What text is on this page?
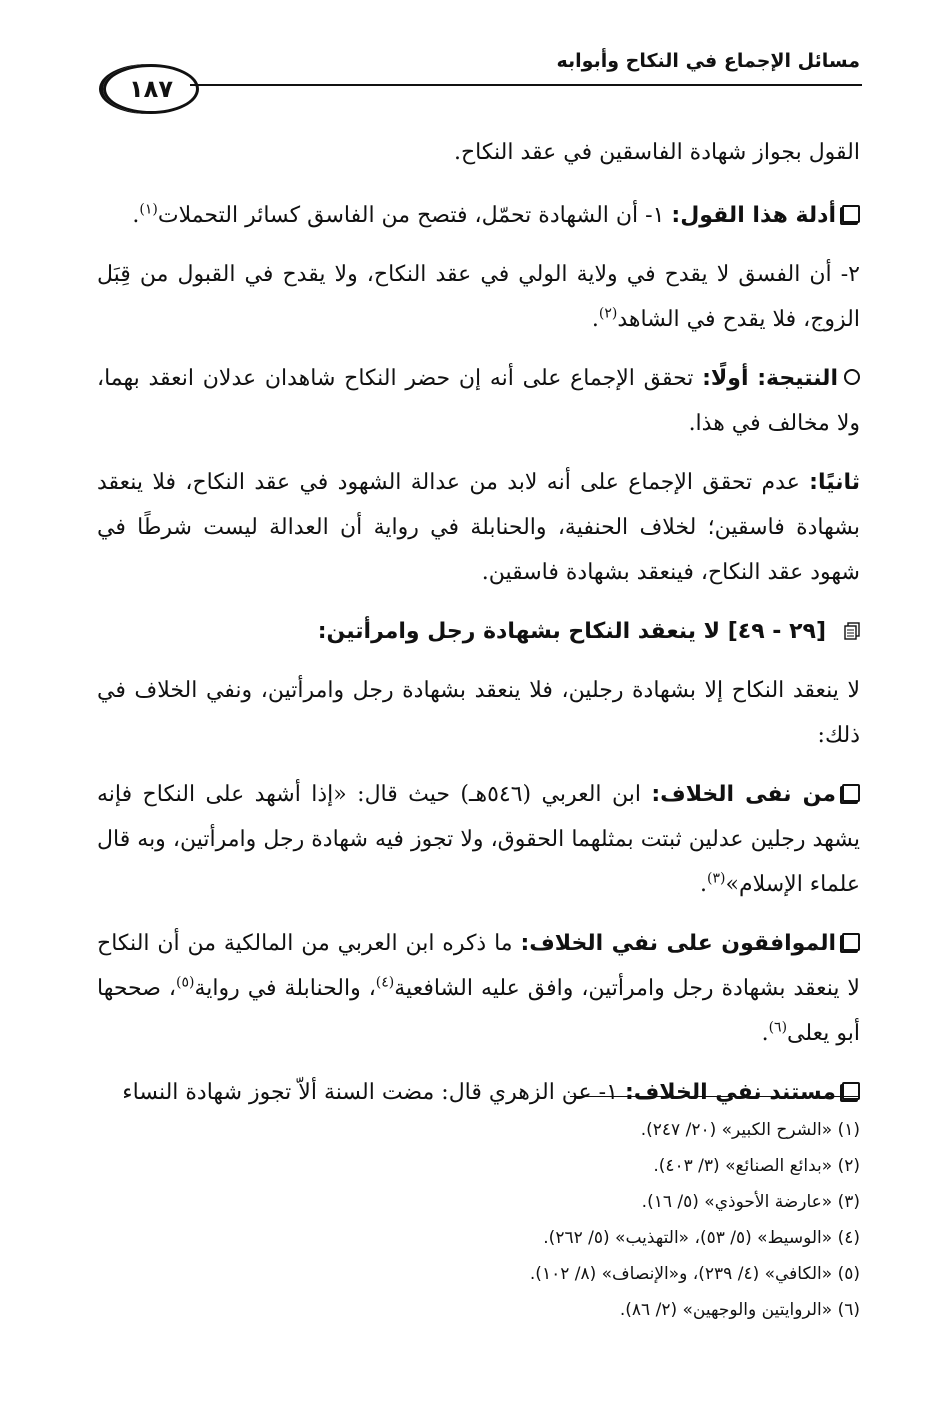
مسائل الإجماع في النكاح وأبوابه
١٨٧

القول بجواز شهادة الفاسقين في عقد النكاح.

أدلة هذا القول: ١- أن الشهادة تحمّل، فتصح من الفاسق كسائر التحملات$^{(١)}$.

٢- أن الفسق لا يقدح في ولاية الولي في عقد النكاح، ولا يقدح في القبول من قِبَل الزوج، فلا يقدح في الشاهد$^{(٢)}$.

النتيجة: أولًا: تحقق الإجماع على أنه إن حضر النكاح شاهدان عدلان انعقد بهما، ولا مخالف في هذا.

ثانيًا: عدم تحقق الإجماع على أنه لابد من عدالة الشهود في عقد النكاح، فلا ينعقد بشهادة فاسقين؛ لخلاف الحنفية، والحنابلة في رواية أن العدالة ليست شرطًا في شهود عقد النكاح، فينعقد بشهادة فاسقين.

[٢٩ - ٤٩] لا ينعقد النكاح بشهادة رجل وامرأتين:

لا ينعقد النكاح إلا بشهادة رجلين، فلا ينعقد بشهادة رجل وامرأتين، ونفي الخلاف في ذلك:

من نفى الخلاف: ابن العربي (٥٤٦هـ) حيث قال: «إذا أشهد على النكاح فإنه يشهد رجلين عدلين ثبتت بمثلهما الحقوق، ولا تجوز فيه شهادة رجل وامرأتين، وبه قال علماء الإسلام»$^{(٣)}$.

الموافقون على نفي الخلاف: ما ذكره ابن العربي من المالكية من أن النكاح لا ينعقد بشهادة رجل وامرأتين، وافق عليه الشافعية$^{(٤)}$، والحنابلة في رواية$^{(٥)}$، صححها أبو يعلى$^{(٦)}$.

مستند نفي الخلاف: ١- عن الزهري قال: مضت السنة ألاّ تجوز شهادة النساء

(١) «الشرح الكبير» (٢٠/ ٢٤٧).
(٢) «بدائع الصنائع» (٣/ ٤٠٣).
(٣) «عارضة الأحوذي» (٥/ ١٦).
(٤) «الوسيط» (٥/ ٥٣)، «التهذيب» (٥/ ٢٦٢).
(٥) «الكافي» (٤/ ٢٣٩)، و«الإنصاف» (٨/ ١٠٢).
(٦) «الروايتين والوجهين» (٢/ ٨٦).
